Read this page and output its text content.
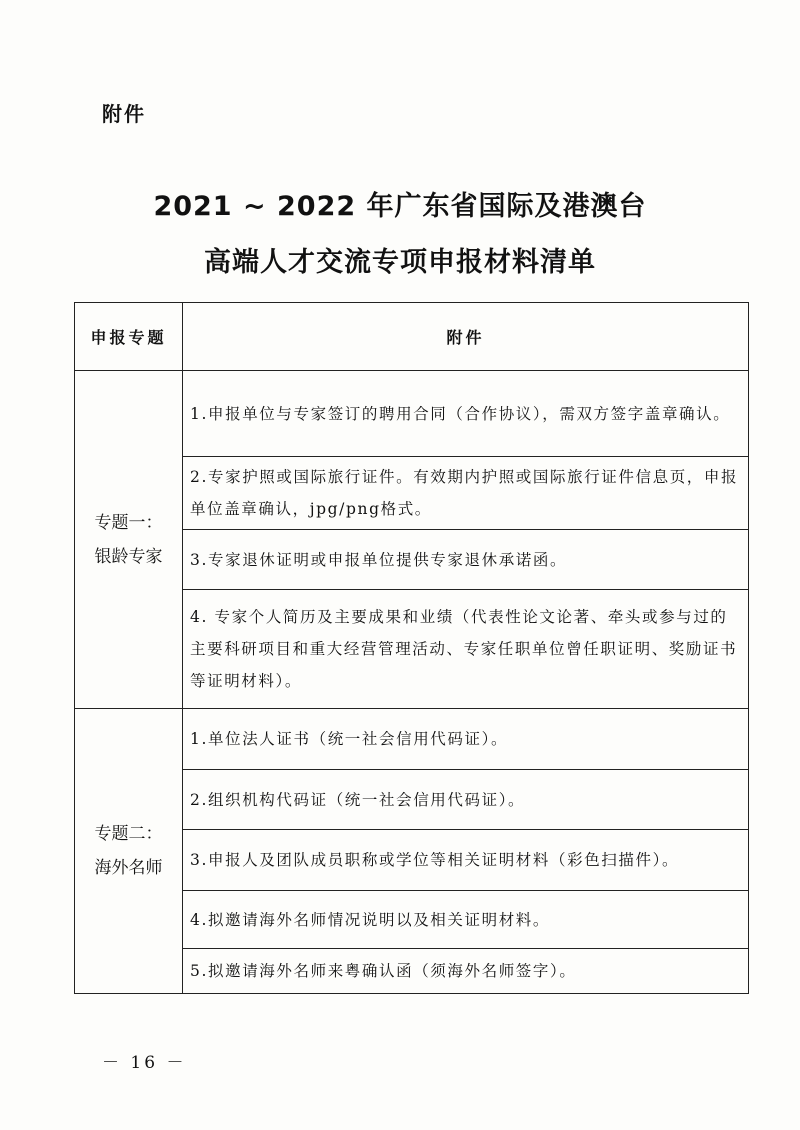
附件
2021 ~ 2022 年广东省国际及港澳台
高端人才交流专项申报材料清单
申报专题	附件

专题一：
银龄专家	1.申报单位与专家签订的聘用合同（合作协议），需双方签字盖章确认。
	2.专家护照或国际旅行证件。有效期内护照或国际旅行证件信息页，申报单位盖章确认，jpg/png格式。
	3.专家退休证明或申报单位提供专家退休承诺函。
	4. 专家个人简历及主要成果和业绩（代表性论文论著、牵头或参与过的主要科研项目和重大经营管理活动、专家任职单位曾任职证明、奖励证书等证明材料）。

专题二：
海外名师	1.单位法人证书（统一社会信用代码证）。
	2.组织机构代码证（统一社会信用代码证）。
	3.申报人及团队成员职称或学位等相关证明材料（彩色扫描件）。
	4.拟邀请海外名师情况说明以及相关证明材料。
	5.拟邀请海外名师来粤确认函（须海外名师签字）。
－ 16 －
